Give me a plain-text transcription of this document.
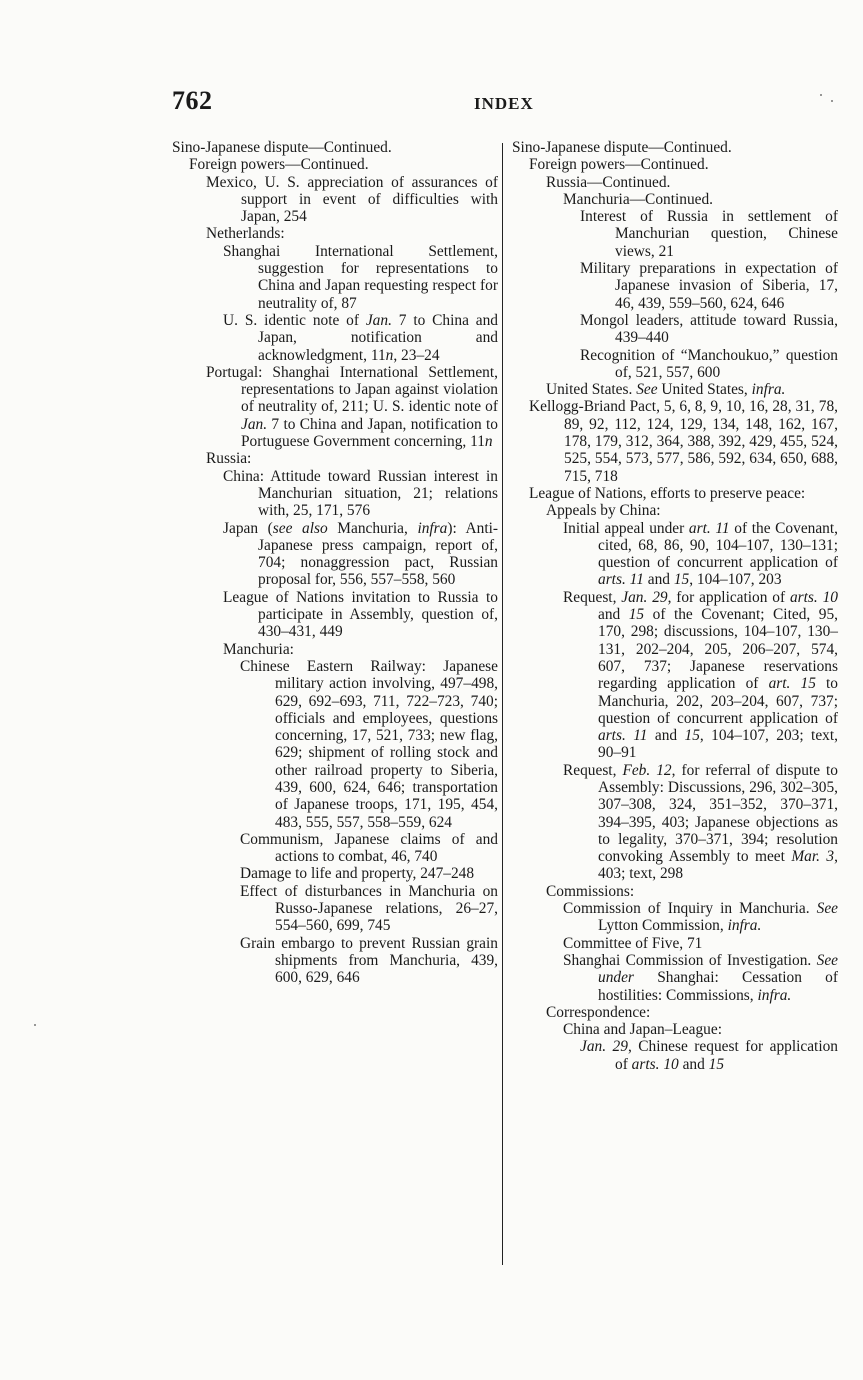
762	INDEX
Sino-Japanese dispute—Continued.
Foreign powers—Continued.
Mexico, U. S. appreciation of assurances of support in event of difficulties with Japan, 254
Netherlands:
Shanghai International Settlement, suggestion for representations to China and Japan requesting respect for neutrality of, 87
U. S. identic note of Jan. 7 to China and Japan, notification and acknowledgment, 11n, 23–24
Portugal: Shanghai International Settlement, representations to Japan against violation of neutrality of, 211; U. S. identic note of Jan. 7 to China and Japan, notification to Portuguese Government concerning, 11n
Russia:
China: Attitude toward Russian interest in Manchurian situation, 21; relations with, 25, 171, 576
Japan (see also Manchuria, infra): Anti-Japanese press campaign, report of, 704; nonaggression pact, Russian proposal for, 556, 557–558, 560
League of Nations invitation to Russia to participate in Assembly, question of, 430–431, 449
Manchuria:
Chinese Eastern Railway: Japanese military action involving, 497–498, 629, 692–693, 711, 722–723, 740; officials and employees, questions concerning, 17, 521, 733; new flag, 629; shipment of rolling stock and other railroad property to Siberia, 439, 600, 624, 646; transportation of Japanese troops, 171, 195, 454, 483, 555, 557, 558–559, 624
Communism, Japanese claims of and actions to combat, 46, 740
Damage to life and property, 247–248
Effect of disturbances in Manchuria on Russo-Japanese relations, 26–27, 554–560, 699, 745
Grain embargo to prevent Russian grain shipments from Manchuria, 439, 600, 629, 646
Sino-Japanese dispute—Continued.
Foreign powers—Continued.
Russia—Continued.
Manchuria—Continued.
Interest of Russia in settlement of Manchurian question, Chinese views, 21
Military preparations in expectation of Japanese invasion of Siberia, 17, 46, 439, 559–560, 624, 646
Mongol leaders, attitude toward Russia, 439–440
Recognition of “Manchoukuo,” question of, 521, 557, 600
United States. See United States, infra.
Kellogg-Briand Pact, 5, 6, 8, 9, 10, 16, 28, 31, 78, 89, 92, 112, 124, 129, 134, 148, 162, 167, 178, 179, 312, 364, 388, 392, 429, 455, 524, 525, 554, 573, 577, 586, 592, 634, 650, 688, 715, 718
League of Nations, efforts to preserve peace:
Appeals by China:
Initial appeal under art. 11 of the Covenant, cited, 68, 86, 90, 104–107, 130–131; question of concurrent application of arts. 11 and 15, 104–107, 203
Request, Jan. 29, for application of arts. 10 and 15 of the Covenant; Cited, 95, 170, 298; discussions, 104–107, 130–131, 202–204, 205, 206–207, 574, 607, 737; Japanese reservations regarding application of art. 15 to Manchuria, 202, 203–204, 607, 737; question of concurrent application of arts. 11 and 15, 104–107, 203; text, 90–91
Request, Feb. 12, for referral of dispute to Assembly: Discussions, 296, 302–305, 307–308, 324, 351–352, 370–371, 394–395, 403; Japanese objections as to legality, 370–371, 394; resolution convoking Assembly to meet Mar. 3, 403; text, 298
Commissions:
Commission of Inquiry in Manchuria. See Lytton Commission, infra.
Committee of Five, 71
Shanghai Commission of Investigation. See under Shanghai: Cessation of hostilities: Commissions, infra.
Correspondence:
China and Japan–League:
Jan. 29, Chinese request for application of arts. 10 and 15
